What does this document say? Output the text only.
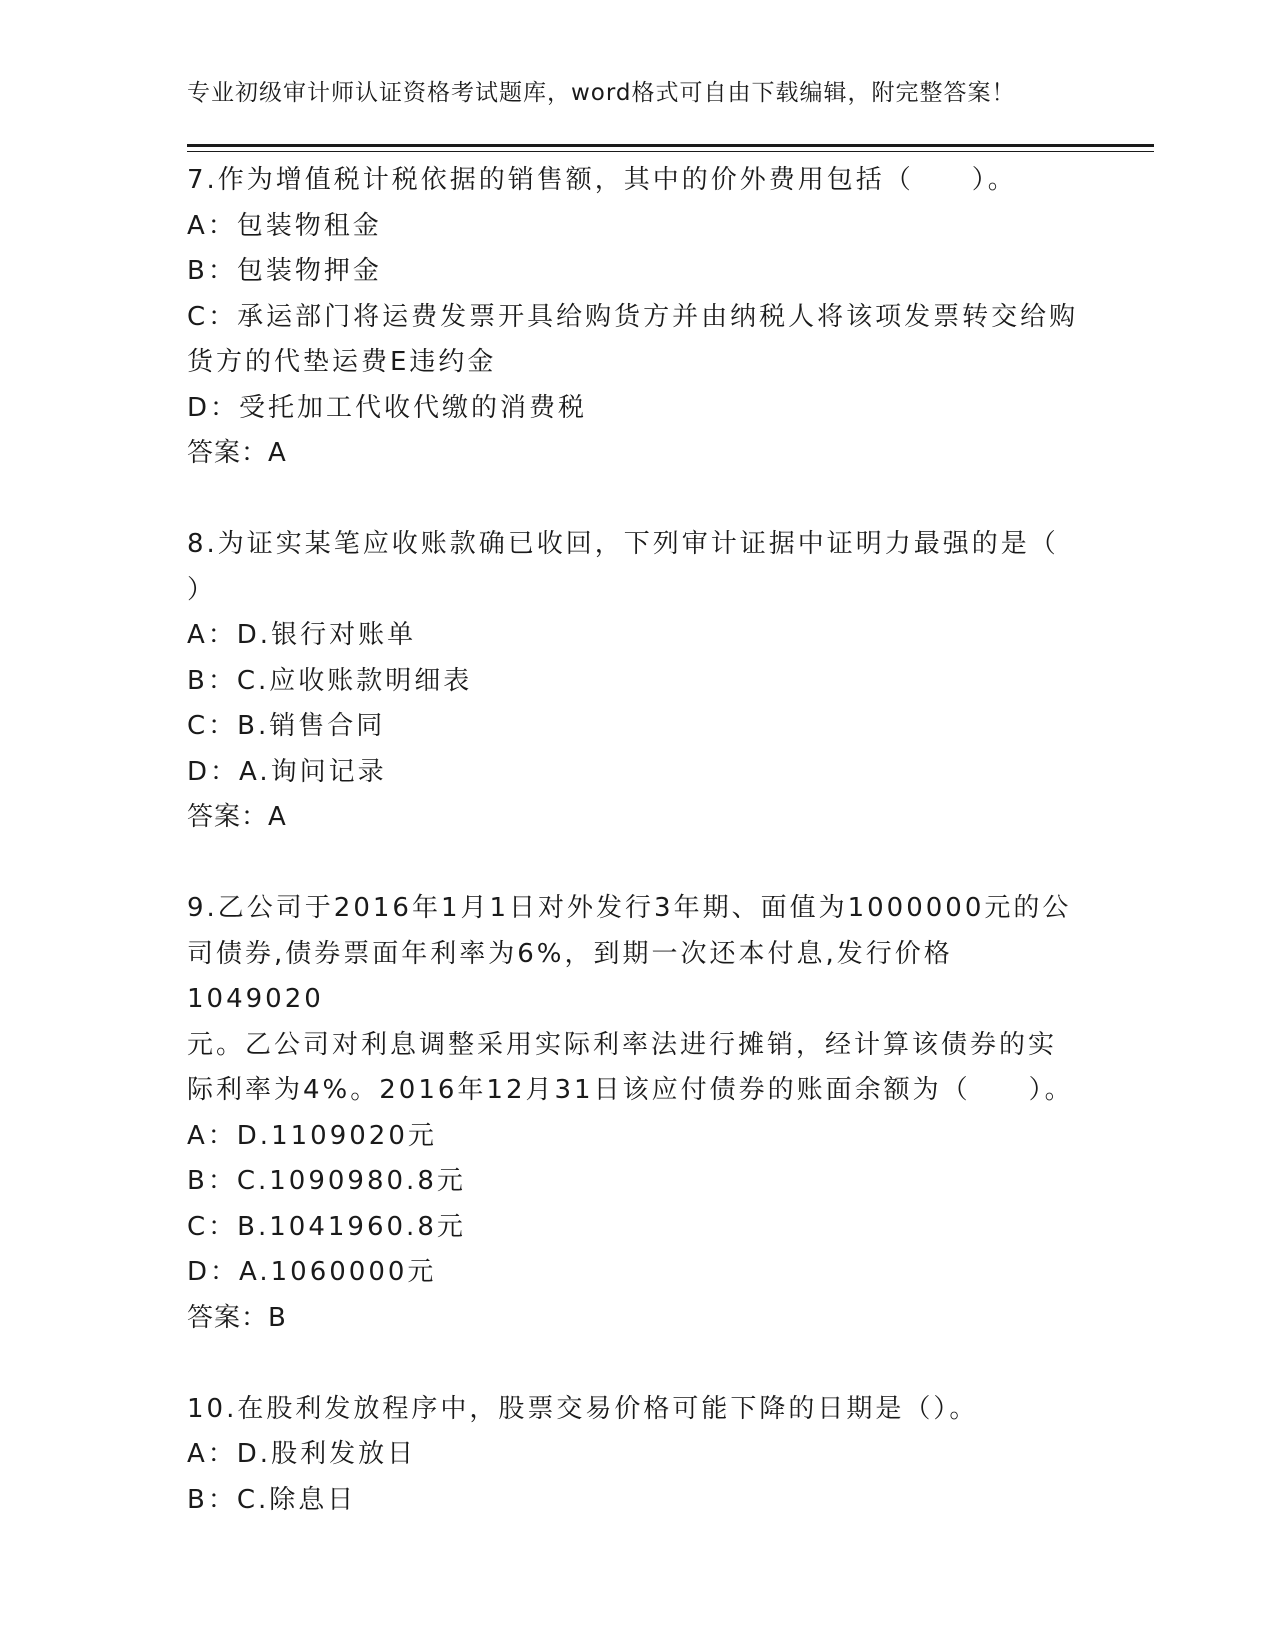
专业初级审计师认证资格考试题库，word格式可自由下载编辑，附完整答案！

7.作为增值税计税依据的销售额，其中的价外费用包括（　　）。

A：包装物租金

B：包装物押金

C：承运部门将运费发票开具给购货方并由纳税人将该项发票转交给购

货方的代垫运费E违约金

D：受托加工代收代缴的消费税

答案：A

8.为证实某笔应收账款确已收回，下列审计证据中证明力最强的是（

）

A：D.银行对账单

B：C.应收账款明细表

C：B.销售合同

D：A.询问记录

答案：A

9.乙公司于2016年1月1日对外发行3年期、面值为1000000元的公

司债券,债券票面年利率为6%，到期一次还本付息,发行价格1049020

元。乙公司对利息调整采用实际利率法进行摊销，经计算该债券的实

际利率为4%。2016年12月31日该应付债券的账面余额为（　　）。

A：D.1109020元

B：C.1090980.8元

C：B.1041960.8元

D：A.1060000元

答案：B

10.在股利发放程序中，股票交易价格可能下降的日期是（）。

A：D.股利发放日

B：C.除息日
